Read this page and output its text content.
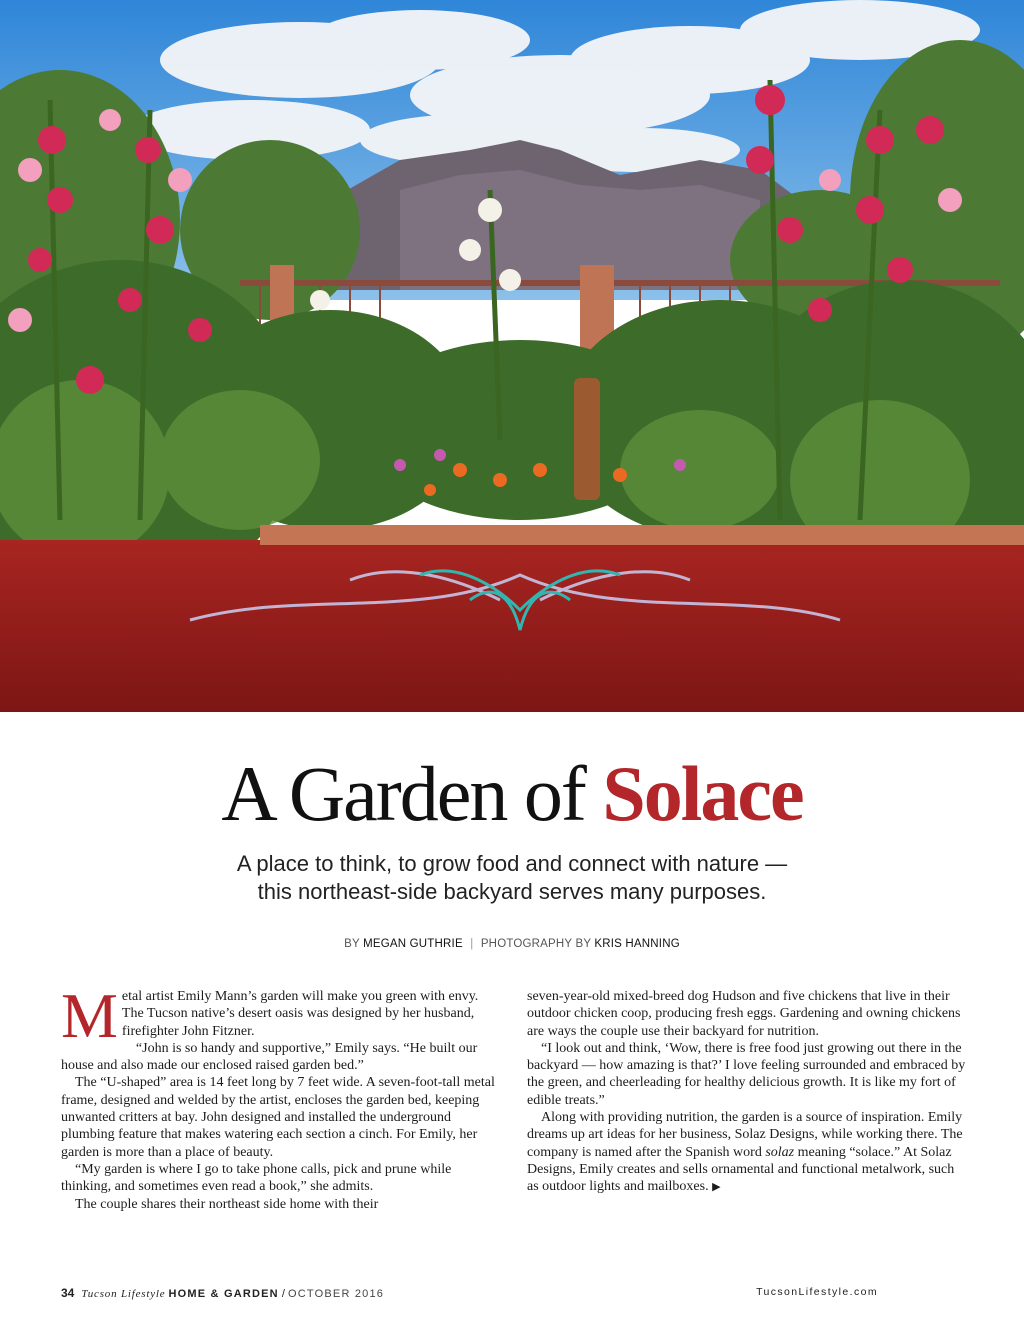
A Garden of Solace
A place to think, to grow food and connect with nature —
this northeast-side backyard serves many purposes.
BY MEGAN GUTHRIE | PHOTOGRAPHY BY KRIS HANNING

Metal artist Emily Mann’s garden will make you green with envy. The Tucson native’s desert oasis was designed by her husband, firefighter John Fitzner.

“John is so handy and supportive,” Emily says. “He built our house and also made our enclosed raised garden bed.”

The “U-shaped” area is 14 feet long by 7 feet wide. A seven-foot-tall metal frame, designed and welded by the artist, encloses the garden bed, keeping unwanted critters at bay. John designed and installed the underground plumbing feature that makes watering each section a cinch. For Emily, her garden is more than a place of beauty.

“My garden is where I go to take phone calls, pick and prune while thinking, and sometimes even read a book,” she admits.

The couple shares their northeast side home with their

seven-year-old mixed-breed dog Hudson and five chickens that live in their outdoor chicken coop, producing fresh eggs. Gardening and owning chickens are ways the couple use their backyard for nutrition.

“I look out and think, ‘Wow, there is free food just growing out there in the backyard — how amazing is that?’ I love feeling surrounded and embraced by the green, and cheerleading for healthy delicious growth. It is like my fort of edible treats.”

Along with providing nutrition, the garden is a source of inspiration. Emily dreams up art ideas for her business, Solaz Designs, while working there. The company is named after the Spanish word solaz meaning “solace.” At Solaz Designs, Emily creates and sells ornamental and functional metalwork, such as outdoor lights and mailboxes. ▶

34 Tucson Lifestyle HOME & GARDEN / OCTOBER 2016	TucsonLifestyle.com
